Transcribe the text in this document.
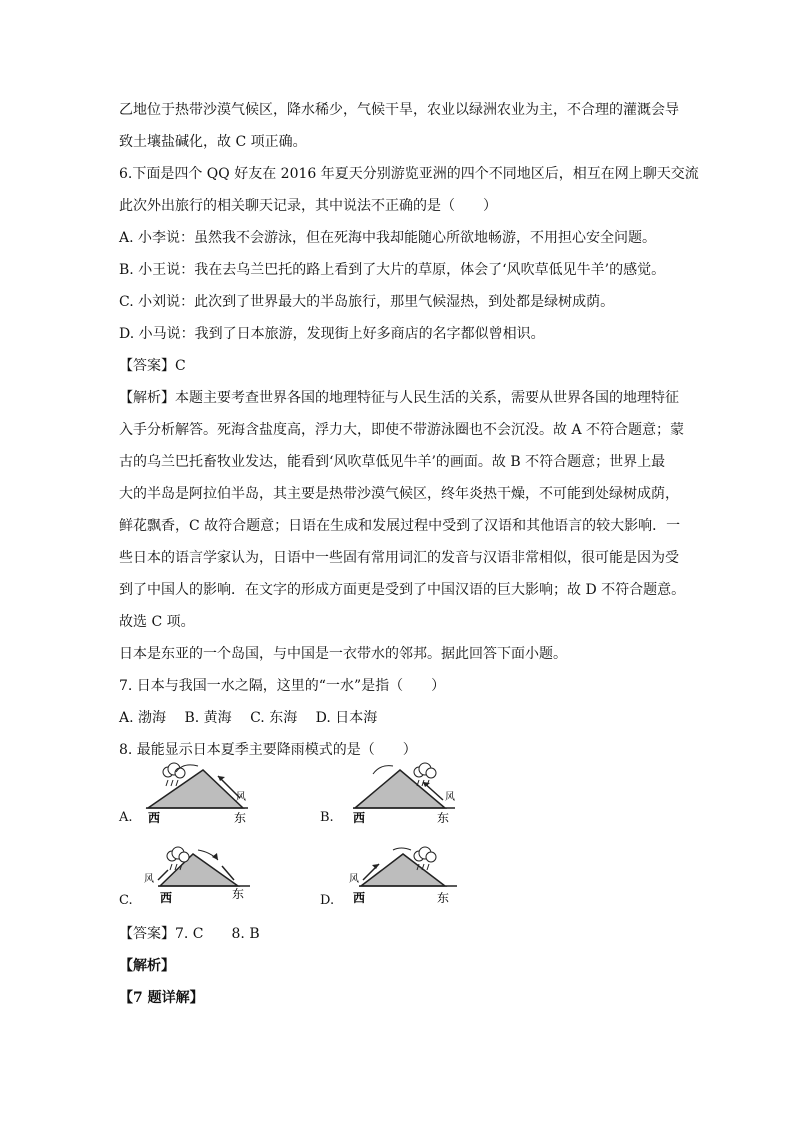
乙地位于热带沙漠气候区，降水稀少，气候干旱，农业以绿洲农业为主，不合理的灌溉会导
致土壤盐碱化，故 C 项正确。
6.下面是四个 QQ 好友在 2016 年夏天分别游览亚洲的四个不同地区后，相互在网上聊天交流
此次外出旅行的相关聊天记录，其中说法不正确的是（　　）
A. 小李说：虽然我不会游泳，但在死海中我却能随心所欲地畅游，不用担心安全问题。
B. 小王说：我在去乌兰巴托的路上看到了大片的草原，体会了‘风吹草低见牛羊’的感觉。
C. 小刘说：此次到了世界最大的半岛旅行，那里气候湿热，到处都是绿树成荫。
D. 小马说：我到了日本旅游，发现街上好多商店的名字都似曾相识。
【答案】C
【解析】本题主要考查世界各国的地理特征与人民生活的关系，需要从世界各国的地理特征
入手分析解答。死海含盐度高，浮力大，即使不带游泳圈也不会沉没。故 A 不符合题意；蒙
古的乌兰巴托畜牧业发达，能看到‘风吹草低见牛羊’的画面。故 B 不符合题意；世界上最
大的半岛是阿拉伯半岛，其主要是热带沙漠气候区，终年炎热干燥，不可能到处绿树成荫，
鲜花飘香，C 故符合题意；日语在生成和发展过程中受到了汉语和其他语言的较大影响．一
些日本的语言学家认为，日语中一些固有常用词汇的发音与汉语非常相似，很可能是因为受
到了中国人的影响．在文字的形成方面更是受到了中国汉语的巨大影响；故 D 不符合题意。
故选 C 项。
日本是东亚的一个岛国，与中国是一衣带水的邻邦。据此回答下面小题。
7. 日本与我国一水之隔，这里的“一水”是指（　　）
A. 渤海　 B. 黄海　 C. 东海　 D. 日本海
8. 最能显示日本夏季主要降雨模式的是（　　）
A.
风
西	东	B.
风
西	东
C.
风
西	东	D.
风
西	东
【答案】7. C　　8. B
【解析】
【7 题详解】
